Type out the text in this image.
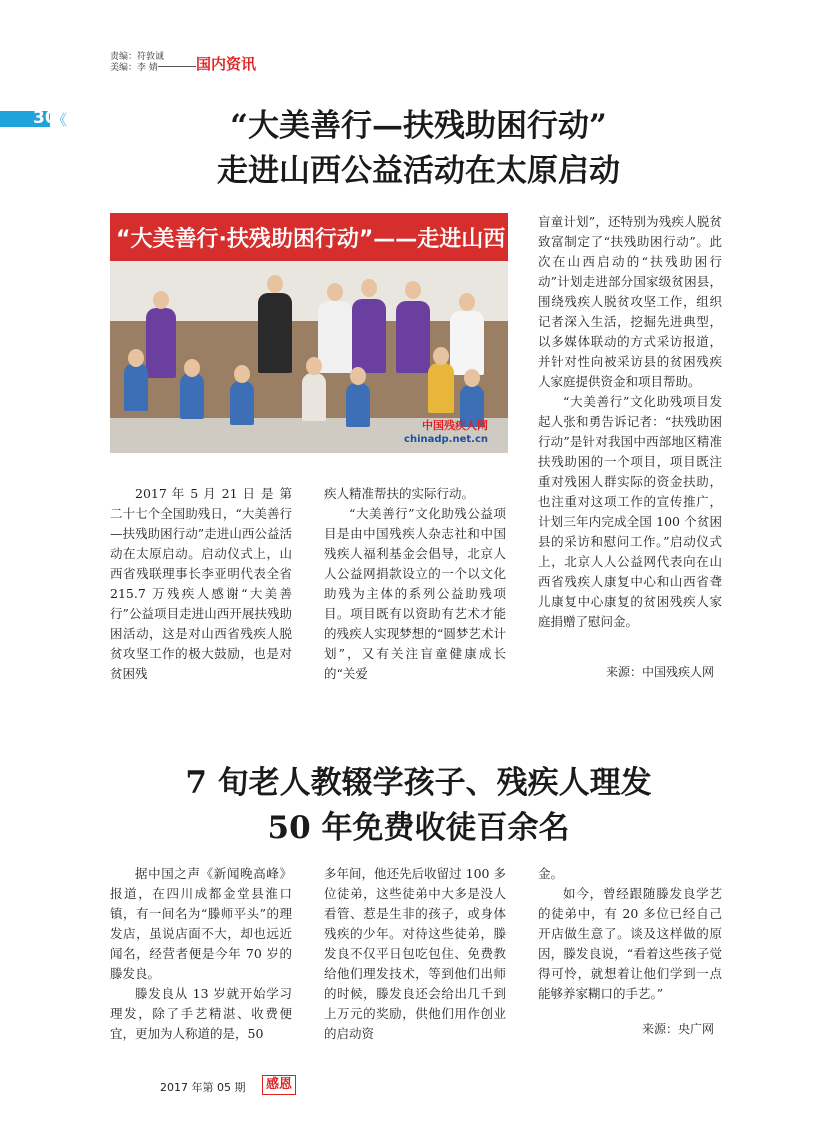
责编：符敦诚
美编：李 婧	国内资讯
30
《	“大美善行—扶残助困行动”
走进山西公益活动在太原启动
“大美善行·扶残助困行动”——走进山西
中国残疾人网
chinadp.net.cn

2017 年 5 月 21 日 是 第二十七个全国助残日，“大美善行—扶残助困行动”走进山西公益活动在太原启动。启动仪式上，山西省残联理事长李亚明代表全省 215.7 万残疾人感谢“大美善行”公益项目走进山西开展扶残助困活动，这是对山西省残疾人脱贫攻坚工作的极大鼓励，也是对贫困残

疾人精准帮扶的实际行动。

“大美善行”文化助残公益项目是由中国残疾人杂志社和中国残疾人福利基金会倡导，北京人人公益网捐款设立的一个以文化助残为主体的系列公益助残项目。项目既有以资助有艺术才能的残疾人实现梦想的“圆梦艺术计划”，又有关注盲童健康成长的“关爱

盲童计划”，还特别为残疾人脱贫致富制定了“扶残助困行动”。此次在山西启动的“扶残助困行动”计划走进部分国家级贫困县，围绕残疾人脱贫攻坚工作，组织记者深入生活，挖掘先进典型，以多媒体联动的方式采访报道，并针对性向被采访县的贫困残疾人家庭提供资金和项目帮助。

“大美善行”文化助残项目发起人张和勇告诉记者：“扶残助困行动”是针对我国中西部地区精准扶残助困的一个项目，项目既注重对残困人群实际的资金扶助，也注重对这项工作的宣传推广，计划三年内完成全国 100 个贫困县的采访和慰问工作。”启动仪式上，北京人人公益网代表向在山西省残疾人康复中心和山西省聋儿康复中心康复的贫困残疾人家庭捐赠了慰问金。

来源：中国残疾人网
7 旬老人教辍学孩子、残疾人理发
50 年免费收徒百余名

据中国之声《新闻晚高峰》报道，在四川成都金堂县淮口镇，有一间名为“滕师平头”的理发店，虽说店面不大，却也远近闻名，经营者便是今年 70 岁的滕发良。

滕发良从 13 岁就开始学习理发，除了手艺精湛、收费便宜，更加为人称道的是，50

多年间，他还先后收留过 100 多位徒弟，这些徒弟中大多是没人看管、惹是生非的孩子，或身体残疾的少年。对待这些徒弟，滕发良不仅平日包吃包住、免费教给他们理发技术，等到他们出师的时候，滕发良还会给出几千到上万元的奖励，供他们用作创业的启动资

金。

如今，曾经跟随滕发良学艺的徒弟中，有 20 多位已经自己开店做生意了。谈及这样做的原因，滕发良说，“看着这些孩子觉得可怜，就想着让他们学到一点能够养家糊口的手艺。”

来源：央广网
2017 年第 05 期	感恩
